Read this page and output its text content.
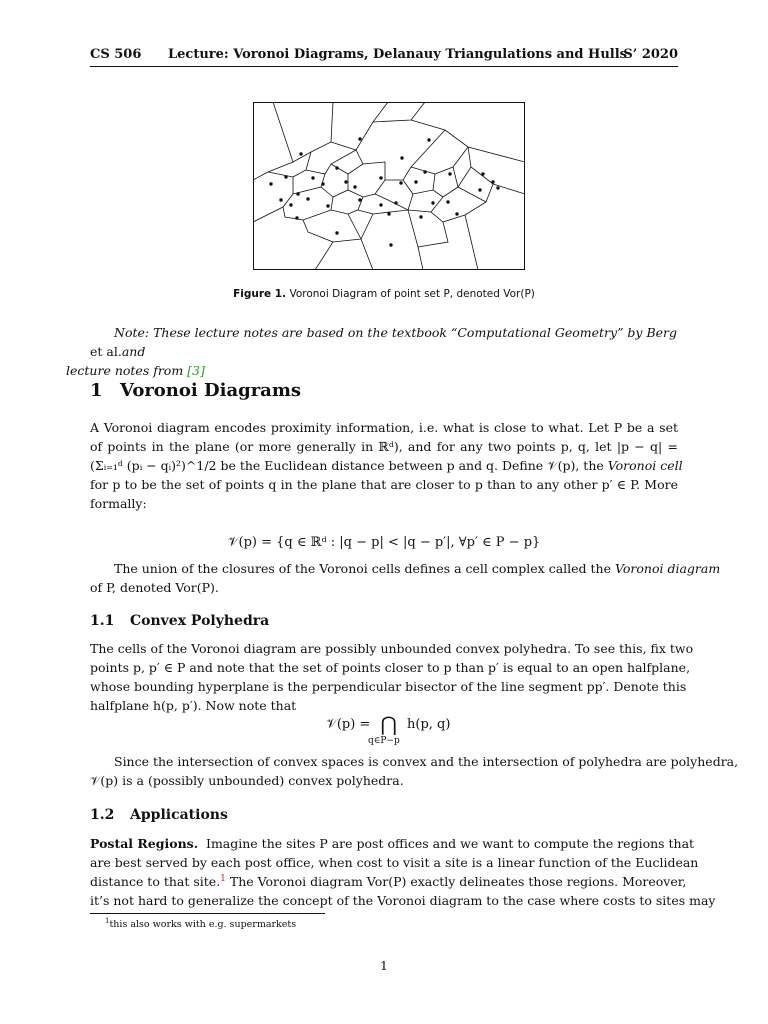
CS 506 Lecture: Voronoi Diagrams, Delanauy Triangulations and Hulls
S’ 2020
Figure 1. Voronoi Diagram of point set P, denoted Vor(P)
Note: These lecture notes are based on the textbook “Computational Geometry” by Berg et al.and
lecture notes from [3]
1 Voronoi Diagrams
A Voronoi diagram encodes proximity information, i.e. what is close to what. Let P be a set
of points in the plane (or more generally in ℝᵈ), and for any two points p, q, let |p − q| =
(Σᵢ₌₁ᵈ (pᵢ − qᵢ)²)^1/2 be the Euclidean distance between p and q. Define 𝒱(p), the Voronoi cell
for p to be the set of points q in the plane that are closer to p than to any other p′ ∈ P. More
formally:
𝒱(p) = {q ∈ ℝᵈ : |q − p| < |q − p′|, ∀p′ ∈ P − p}
The union of the closures of the Voronoi cells defines a cell complex called the Voronoi diagram
of P, denoted Vor(P).
1.1 Convex Polyhedra
The cells of the Voronoi diagram are possibly unbounded convex polyhedra. To see this, fix two
points p, p′ ∈ P and note that the set of points closer to p than p′ is equal to an open halfplane,
whose bounding hyperplane is the perpendicular bisector of the line segment pp′. Denote this
halfplane h(p, p′). Now note that
𝒱(p) = ⋂ h(p, q)
q∈P−p
Since the intersection of convex spaces is convex and the intersection of polyhedra are polyhedra,
𝒱(p) is a (possibly unbounded) convex polyhedra.
1.2 Applications
Postal Regions. Imagine the sites P are post offices and we want to compute the regions that
are best served by each post office, when cost to visit a site is a linear function of the Euclidean
distance to that site.$^1$ The Voronoi diagram Vor(P) exactly delineates those regions. Moreover,
it’s not hard to generalize the concept of the Voronoi diagram to the case where costs to sites may
$^1$this also works with e.g. supermarkets
1
